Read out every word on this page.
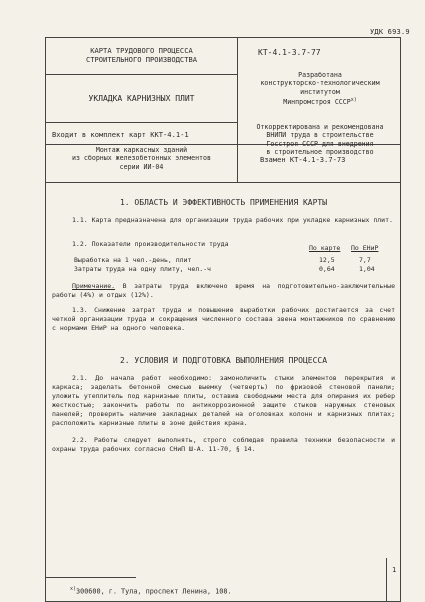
УДК 693.9
КАРТА ТРУДОВОГО ПРОЦЕССА
СТРОИТЕЛЬНОГО ПРОИЗВОДСТВА
УКЛАДКА КАРНИЗНЫХ ПЛИТ
Входит в комплект карт ККТ-4.1-1
Монтаж каркасных зданий
из сборных железобетонных элементов
серии ИИ-04
КТ-4.1-3.7-77
Разработана
конструкторско-технологическим
институтом
Минпромстроя $СССР^{х)}$
Откорректирована и рекомендована
ВНИПИ труда в строительстве
Госстроя СССР для внедрения
в строительное производство
Взамен КТ-4.1-3.7-73
1. ОБЛАСТЬ И ЭФФЕКТИВНОСТЬ ПРИМЕНЕНИЯ КАРТЫ
1.1. Карта предназначена для организации труда рабочих при укладке карнизных плит.
1.2. Показатели производительности труда	По карте По ЕНиР
Выработка на 1 чел.-день, плит	12,5	7,7
Затраты труда на одну плиту, чел.-ч	0,64	1,04
Примечание. В затраты труда включено время на подготовительно-заключительные работы (4%) и отдых (12%).
1.3. Снижение затрат труда и повышение выработки рабочих достигается за счет четкой организации труда и сокращения численного состава звена монтажников по сравнению с нормами ЕНиР на одного человека.
2. УСЛОВИЯ И ПОДГОТОВКА ВЫПОЛНЕНИЯ ПРОЦЕССА
2.1. До начала работ необходимо: замоноличить стыки элементов перекрытия и каркаса; заделать бетонной смесью выемку (четверть) по фризовой стеновой панели; уложить утеплитель под карнизные плиты, оставив свободными места для опирания их ребер жесткостью; закончить работы по антикоррозионной защите стыков наружных стеновых панелей; проверить наличие закладных деталей на оголовках колонн и карнизных плитах; расположить карнизные плиты в зоне действия крана.
2.2. Работы следует выполнять, строго соблюдая правила техники безопасности и охраны труда рабочих согласно СНиП Ш-А. 11-70, § 14.
$^{х)}$300600, г. Тула, проспект Ленина, 108.
1
